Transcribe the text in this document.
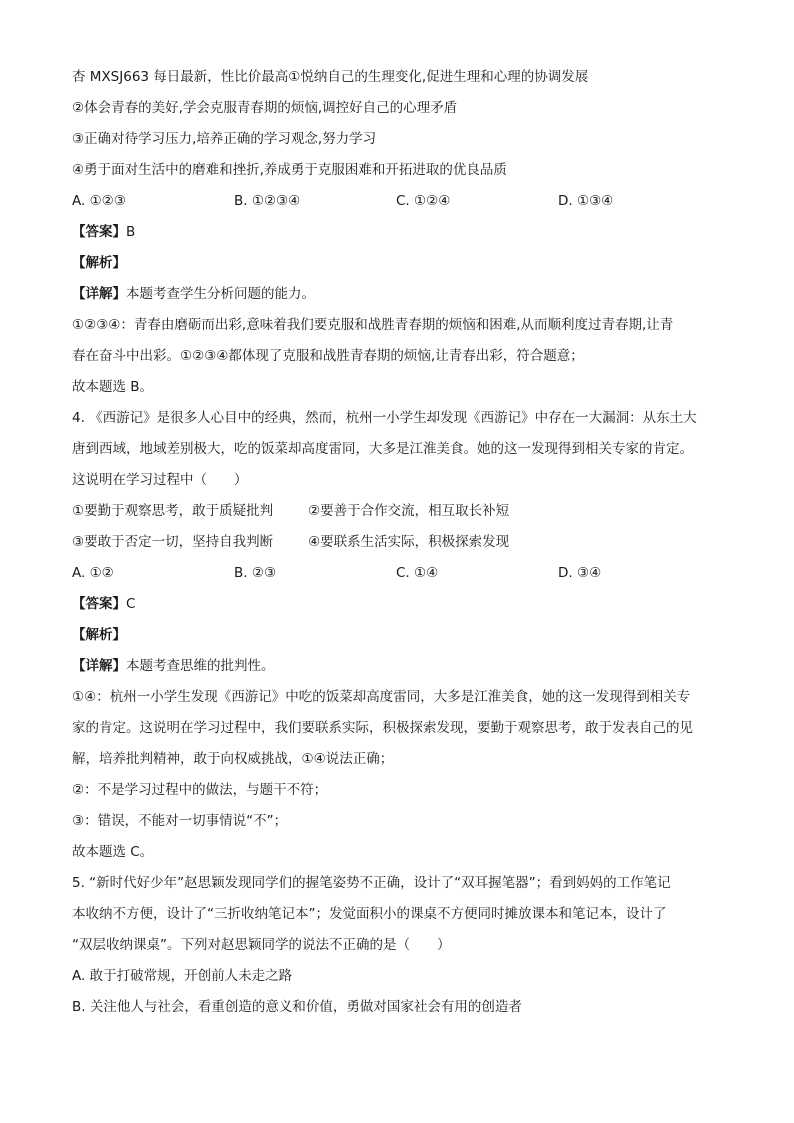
杏 MXSJ663 每日最新，性比价最高①悦纳自己的生理变化,促进生理和心理的协调发展
②体会青春的美好,学会克服青春期的烦恼,调控好自己的心理矛盾
③正确对待学习压力,培养正确的学习观念,努力学习
④勇于面对生活中的磨难和挫折,养成勇于克服困难和开拓进取的优良品质
A. ①②③	B. ①②③④	C. ①②④	D. ①③④
【答案】B
【解析】
【详解】本题考查学生分析问题的能力。
①②③④：青春由磨砺而出彩,意味着我们要克服和战胜青春期的烦恼和困难,从而顺利度过青春期,让青
春在奋斗中出彩。①②③④都体现了克服和战胜青春期的烦恼,让青春出彩，符合题意；
故本题选 B。
4. 《西游记》是很多人心目中的经典，然而，杭州一小学生却发现《西游记》中存在一大漏洞：从东土大
唐到西域，地域差别极大，吃的饭菜却高度雷同，大多是江淮美食。她的这一发现得到相关专家的肯定。
这说明在学习过程中（　　）
①要勤于观察思考，敢于质疑批判	②要善于合作交流，相互取长补短
③要敢于否定一切，坚持自我判断	④要联系生活实际，积极探索发现
A. ①②	B. ②③	C. ①④	D. ③④
【答案】C
【解析】
【详解】本题考查思维的批判性。
①④：杭州一小学生发现《西游记》中吃的饭菜却高度雷同，大多是江淮美食，她的这一发现得到相关专
家的肯定。这说明在学习过程中，我们要联系实际，积极探索发现，要勤于观察思考，敢于发表自己的见
解，培养批判精神，敢于向权威挑战，①④说法正确；
②：不是学习过程中的做法，与题干不符；
③：错误，不能对一切事情说“不”；
故本题选 C。
5. “新时代好少年”赵思颖发现同学们的握笔姿势不正确，设计了“双耳握笔器”；看到妈妈的工作笔记
本收纳不方便，设计了“三折收纳笔记本”；发觉面积小的课桌不方便同时摊放课本和笔记本，设计了
“双层收纳课桌”。下列对赵思颖同学的说法不正确的是（　　）
A. 敢于打破常规，开创前人未走之路
B. 关注他人与社会，看重创造的意义和价值，勇做对国家社会有用的创造者
